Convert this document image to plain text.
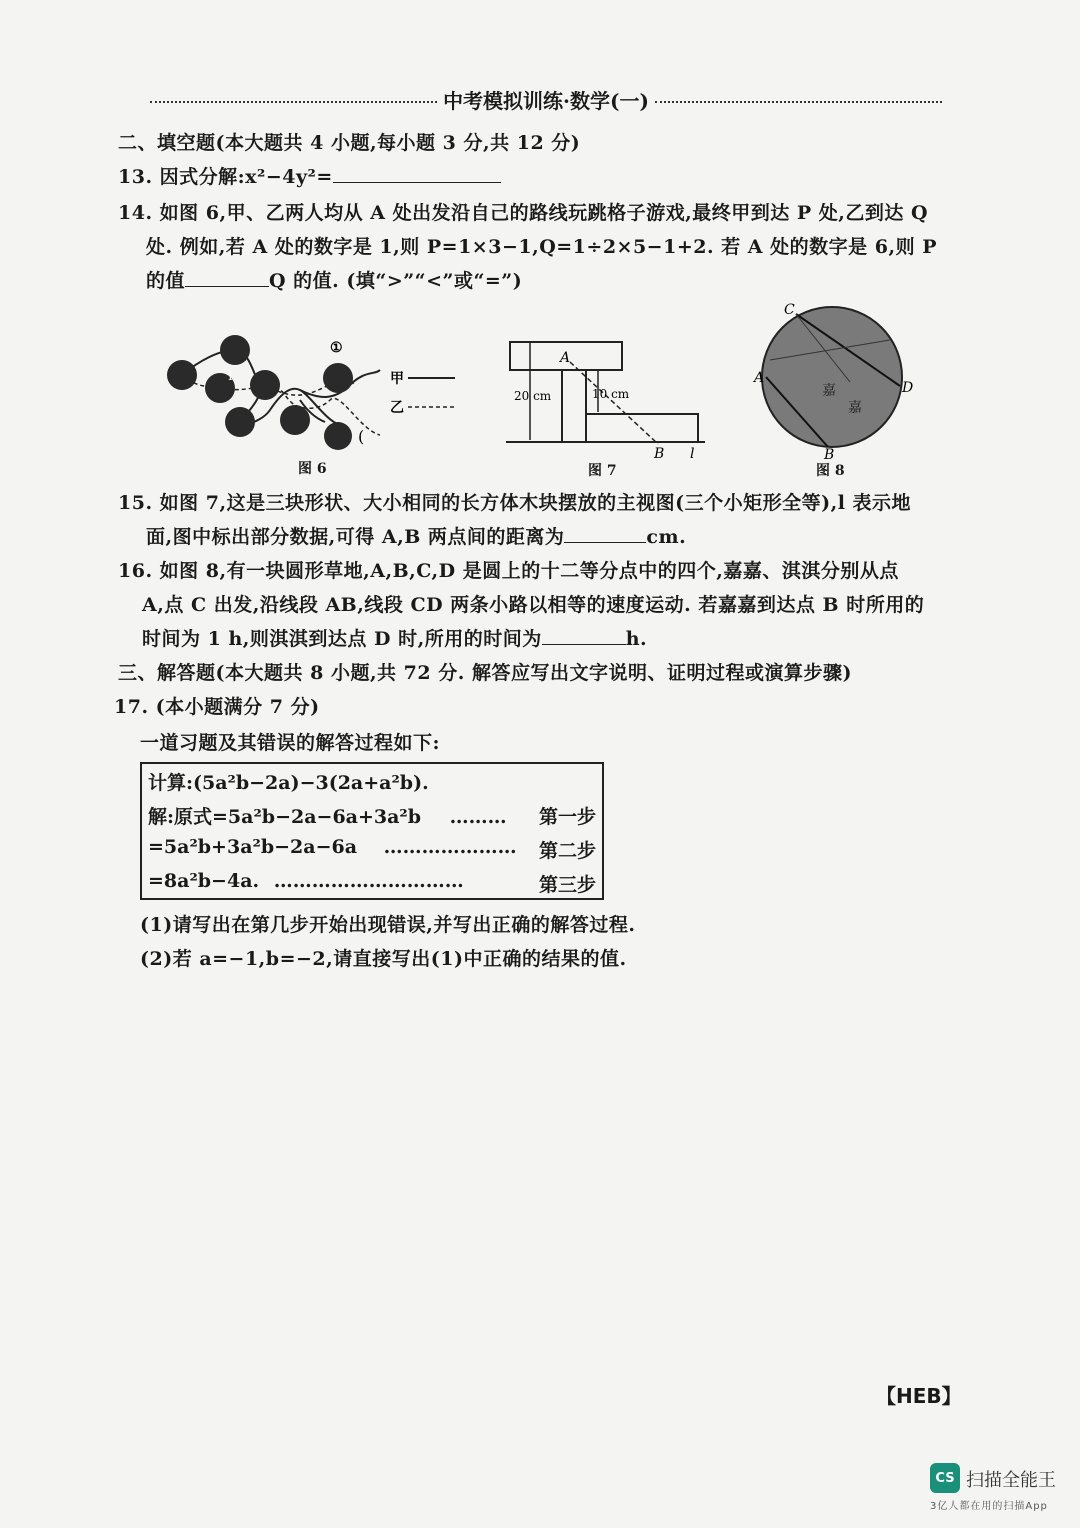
中考模拟训练·数学(一)
二、填空题(本大题共 4 小题,每小题 3 分,共 12 分)
13. 因式分解:x²−4y²=
14. 如图 6,甲、乙两人均从 A 处出发沿自己的路线玩跳格子游戏,最终甲到达 P 处,乙到达 Q
处. 例如,若 A 处的数字是 1,则 P=1×3−1,Q=1÷2×5−1+2. 若 A 处的数字是 6,则 P
的值	Q 的值. (填“>”“<”或“=”)
①
Ⅰ
(
甲
乙
图 6
A
B l
20 cm	10 cm
图 7
嘉
嘉
A
B
C
D
图 8
15. 如图 7,这是三块形状、大小相同的长方体木块摆放的主视图(三个小矩形全等),l 表示地
面,图中标出部分数据,可得 A,B 两点间的距离为	cm.
16. 如图 8,有一块圆形草地,A,B,C,D 是圆上的十二等分点中的四个,嘉嘉、淇淇分别从点
A,点 C 出发,沿线段 AB,线段 CD 两条小路以相等的速度运动. 若嘉嘉到达点 B 时所用的
时间为 1 h,则淇淇到达点 D 时,所用的时间为	h.
三、解答题(本大题共 8 小题,共 72 分. 解答应写出文字说明、证明过程或演算步骤)
17. (本小题满分 7 分)
一道习题及其错误的解答过程如下:
计算:(5a²b−2a)−3(2a+a²b).
解:原式=5a²b−2a−6a+3a²b ……… 第一步
=5a²b+3a²b−2a−6a ………………… 第二步
=8a²b−4a. …………………………	第三步
(1)请写出在第几步开始出现错误,并写出正确的解答过程.
(2)若 a=−1,b=−2,请直接写出(1)中正确的结果的值.
【HEB】
CS 扫描全能王
3亿人都在用的扫描App
